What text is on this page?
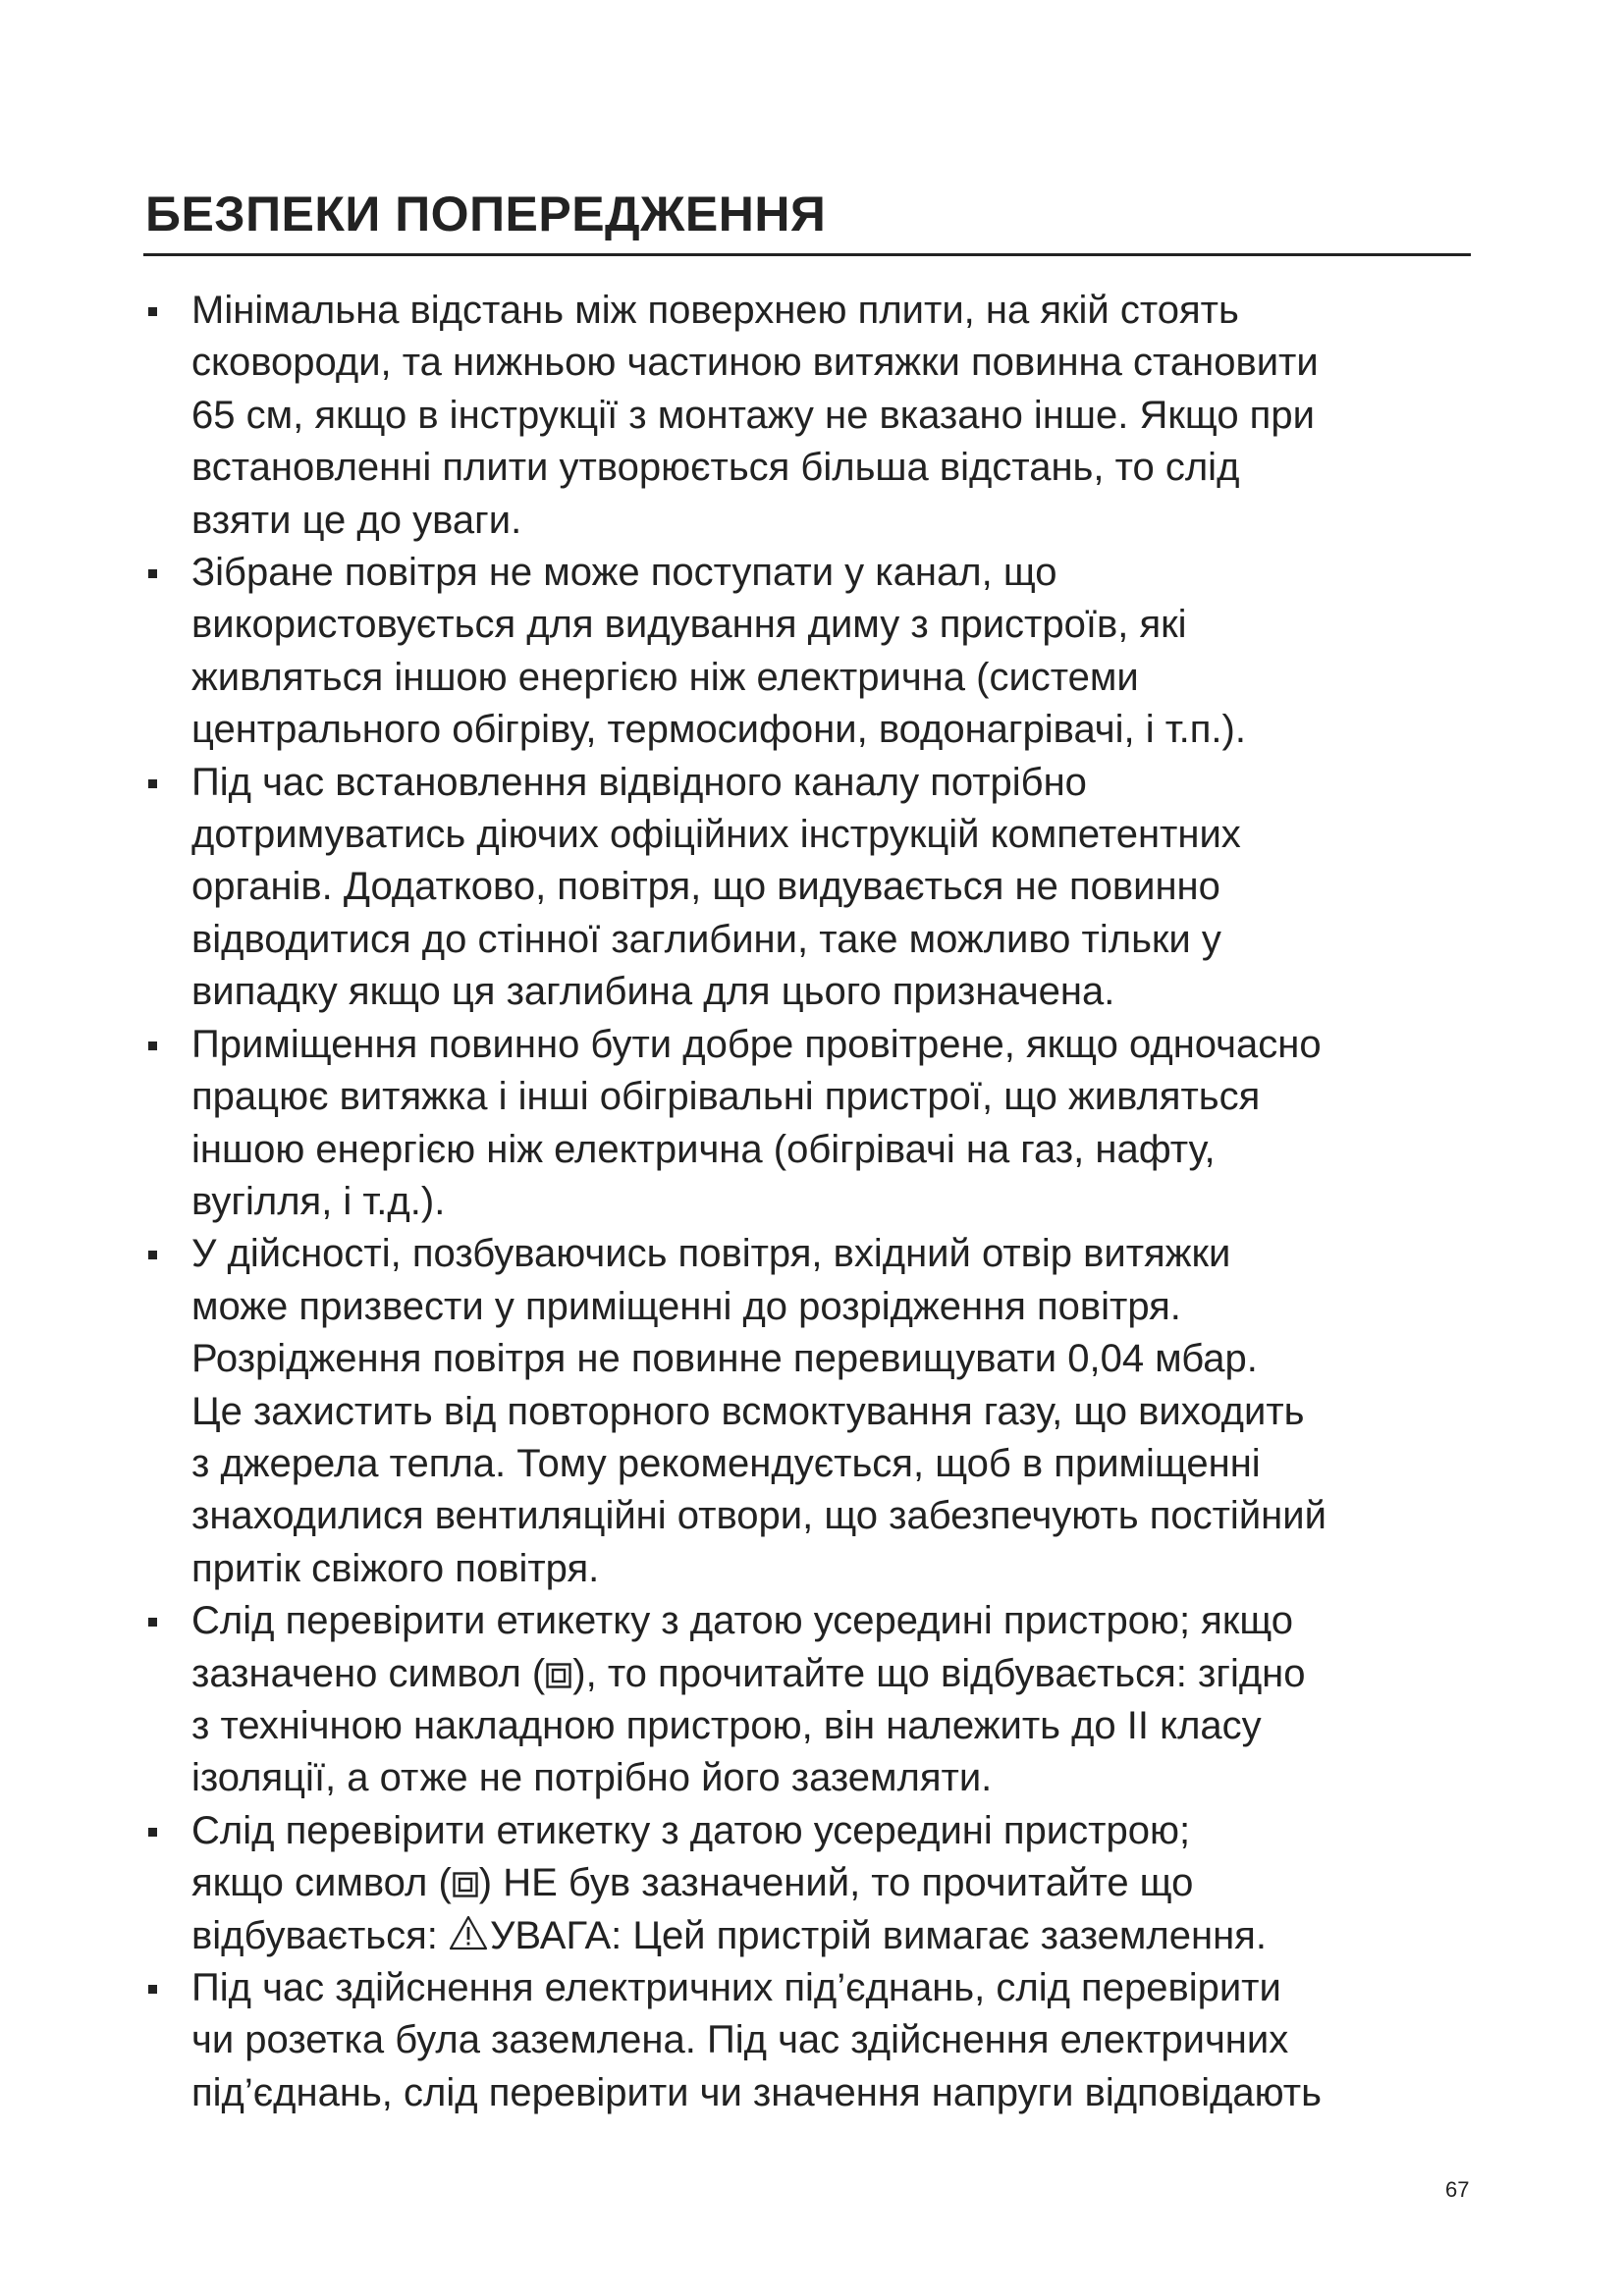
БЕЗПЕКИ ПОПЕРЕДЖЕННЯ
Мінімальна відстань між поверхнею плити, на якій стоять
сковороди, та нижньою частиною витяжки повинна становити
65 см, якщо в інструкції з монтажу не вказано інше. Якщо при
встановленні плити утворюється більша відстань, то слід
взяти це до уваги.
Зібране повітря не може поступати у канал, що
використовується для видування диму з пристроїв, які
живляться іншою енергією ніж електрична (системи
центрального обігріву, термосифони, водонагрівачі, і т.п.).
Під час встановлення відвідного каналу потрібно
дотримуватись діючих офіційних інструкцій компетентних
органів. Додатково, повітря, що видувається не повинно
відводитися до стінної заглибини, таке можливо тільки у
випадку якщо ця заглибина для цього призначена.
Приміщення повинно бути добре провітрене, якщо одночасно
працює витяжка і інші обігрівальні пристрої, що живляться
іншою енергією ніж електрична (обігрівачі на газ, нафту,
вугілля, і т.д.).
У дійсності, позбуваючись повітря, вхідний отвір витяжки
може призвести у приміщенні до розрідження повітря.
Розрідження повітря не повинне перевищувати 0,04 мбар.
Це захистить від повторного всмоктування газу, що виходить
з джерела тепла. Тому рекомендується, щоб в приміщенні
знаходилися вентиляційні отвори, що забезпечують постійний
притік свіжого повітря.
Слід перевірити етикетку з датою усередині пристрою; якщо
зазначено символ ( ), то прочитайте що відбувається: згідно
з технічною накладною пристрою, він належить до II класу
ізоляції, а отже не потрібно його заземляти.
Слід перевірити етикетку з датою усередині пристрою;
якщо символ ( ) НЕ був зазначений, то прочитайте що
відбувається: УВАГА: Цей пристрій вимагає заземлення.
Під час здійснення електричних під’єднань, слід перевірити
чи розетка була заземлена. Під час здійснення електричних
під’єднань, слід перевірити чи значення напруги відповідають
67
